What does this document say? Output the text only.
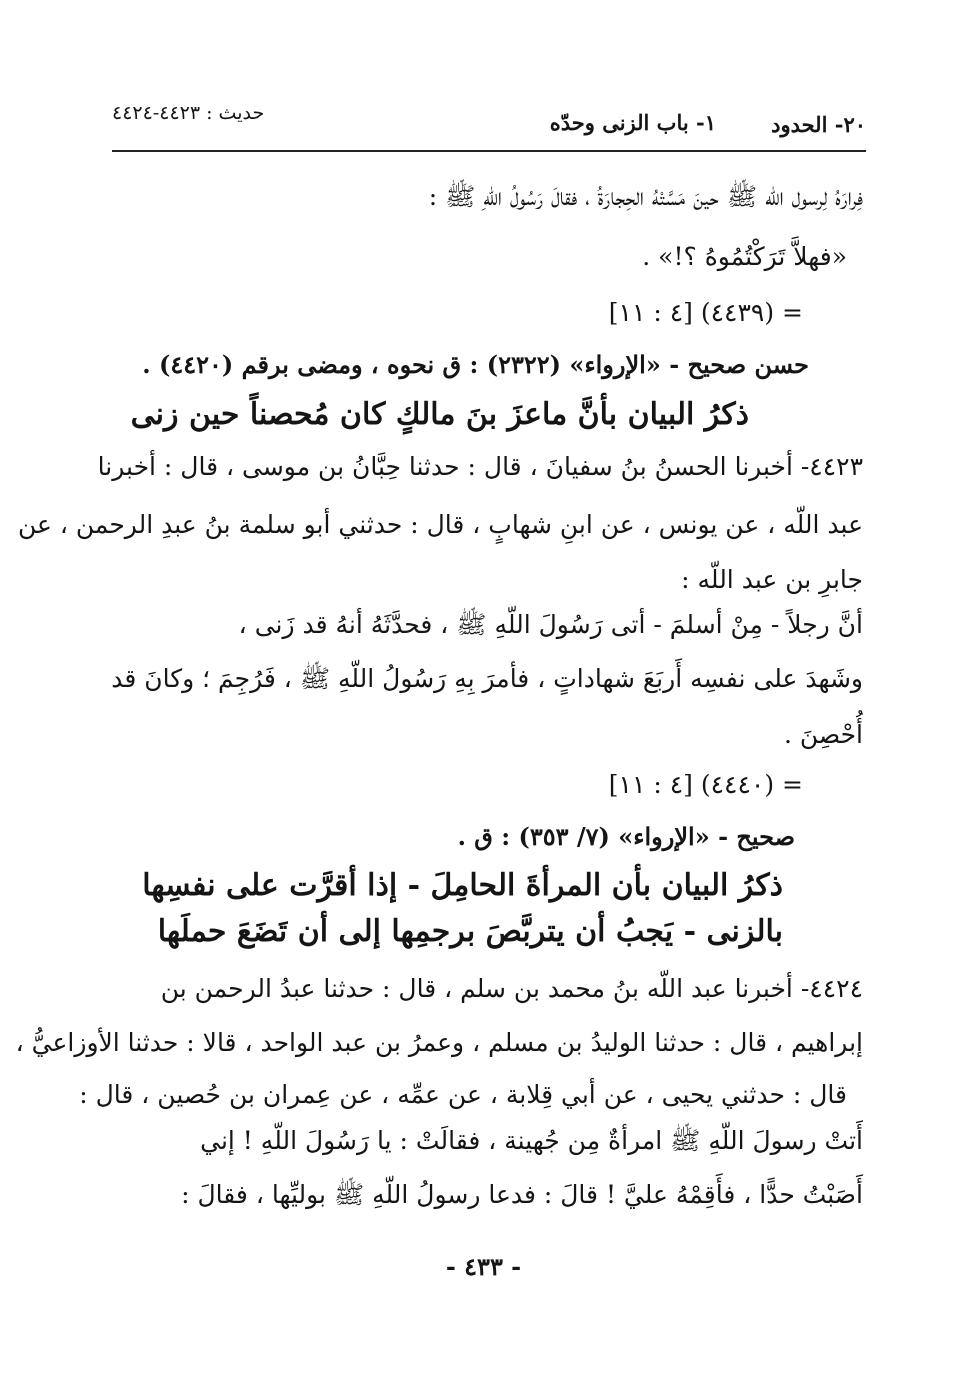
٢٠- الحدود
١- باب الزنى وحدّه
حديث : ٤٤٢٣-٤٤٢٤
فِرارَهُ لِرسول اللّه ﷺ حينَ مَسَّتْهُ الحِجارَةُ ، فقالَ رَسُولُ اللّهِ ﷺ :
«فهلاَّ تَرَكْتُمُوهُ ؟!» .
= (٤٤٣٩) [٤ : ١١]
حسن صحيح - «الإرواء» (٢٣٢٢) : ق نحوه ، ومضى برقم (٤٤٢٠) .
ذكرُ البيان بأنَّ ماعزَ بنَ مالكٍ كان مُحصناً حين زنى
٤٤٢٣- أخبرنا الحسنُ بنُ سفيانَ ، قال : حدثنا حِبَّانُ بن موسى ، قال : أخبرنا
عبد اللّه ، عن يونس ، عن ابنِ شهابٍ ، قال : حدثني أبو سلمة بنُ عبدِ الرحمن ، عن
جابرِ بن عبد اللّه :
أنَّ رجلاً - مِنْ أسلمَ - أتى رَسُولَ اللّهِ ﷺ ، فحدَّثَهُ أنهُ قد زَنى ،
وشَهدَ على نفسِه أَربَعَ شهاداتٍ ، فأمرَ بِهِ رَسُولُ اللّهِ ﷺ ، فَرُجِمَ ؛ وكانَ قد
أُحْصِنَ .
= (٤٤٤٠) [٤ : ١١]
صحيح - «الإرواء» (٧/ ٣٥٣) : ق .
ذكرُ البيان بأن المرأةَ الحامِلَ - إذا أقرَّت على نفسِها
بالزنى - يَجبُ أن يتربَّصَ برجمِها إلى أن تَضَعَ حملَها
٤٤٢٤- أخبرنا عبد اللّه بنُ محمد بن سلم ، قال : حدثنا عبدُ الرحمن بن
إبراهيم ، قال : حدثنا الوليدُ بن مسلم ، وعمرُ بن عبد الواحد ، قالا : حدثنا الأوزاعيُّ ،
قال : حدثني يحيى ، عن أبي قِلابة ، عن عمِّه ، عن عِمران بن حُصين ، قال :
أَتتْ رسولَ اللّهِ ﷺ امرأةٌ مِن جُهينة ، فقالَتْ : يا رَسُولَ اللّهِ ! إني
أَصَبْتُ حدًّا ، فأَقِمْهُ عليَّ ! قالَ : فدعا رسولُ اللّهِ ﷺ بوليِّها ، فقالَ :
- ٤٣٣ -
